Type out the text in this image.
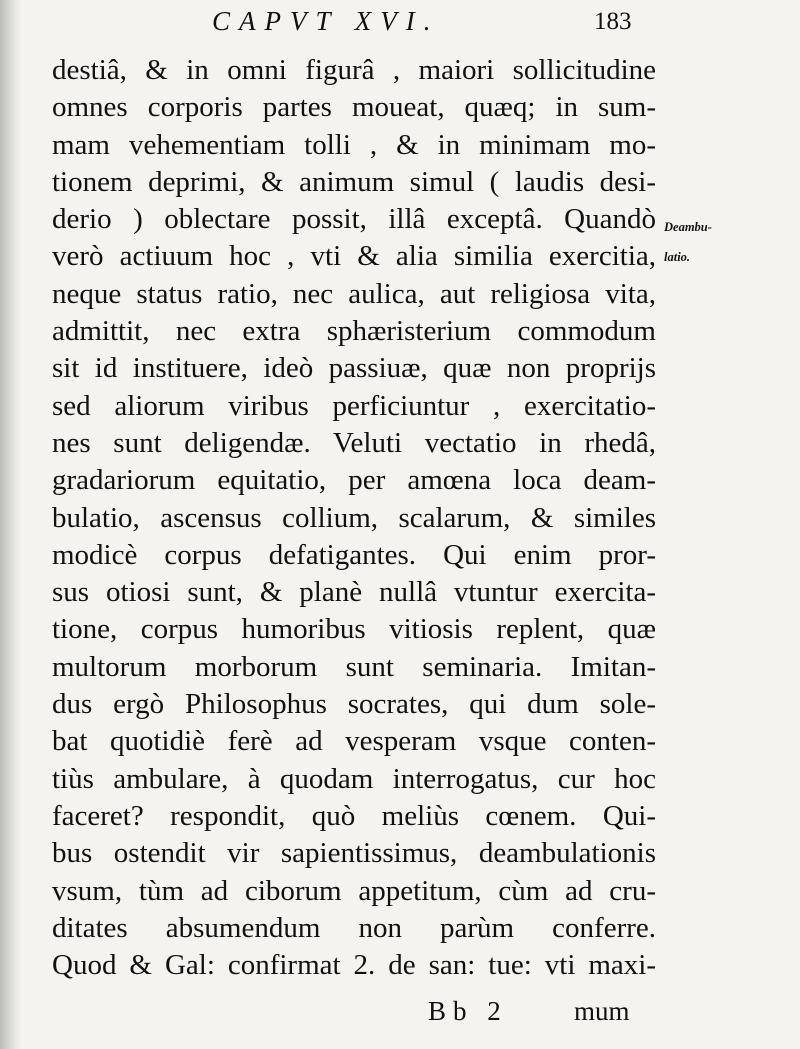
CAPVT XVI.	183
destiâ, & in omni figurâ , maiori sollicitudine
omnes corporis partes moueat, quæq; in sum-
mam vehementiam tolli , & in minimam mo-
tionem deprimi, & animum simul ( laudis desi-
derio ) oblectare possit, illâ exceptâ. Quandò
verò actiuum hoc , vti & alia similia exercitia,
neque status ratio, nec aulica, aut religiosa vita,
admittit, nec extra sphæristerium commodum
sit id instituere, ideò passiuæ, quæ non proprijs
sed aliorum viribus perficiuntur , exercitatio-
nes sunt deligendæ. Veluti vectatio in rhedâ,
gradariorum equitatio, per amœna loca deam-
bulatio, ascensus collium, scalarum, & similes
modicè corpus defatigantes. Qui enim pror-
sus otiosi sunt, & planè nullâ vtuntur exercita-
tione, corpus humoribus vitiosis replent, quæ
multorum morborum sunt seminaria. Imitan-
dus ergò Philosophus socrates, qui dum sole-
bat quotidiè ferè ad vesperam vsque conten-
tiùs ambulare, à quodam interrogatus, cur hoc
faceret? respondit, quò meliùs cœnem. Qui-
bus ostendit vir sapientissimus, deambulationis
vsum, tùm ad ciborum appetitum, cùm ad cru-
ditates absumendum non parùm conferre.
Quod & Gal: confirmat 2. de san: tue: vti maxi-
Deambu-
latio.
Bb 2 mum
